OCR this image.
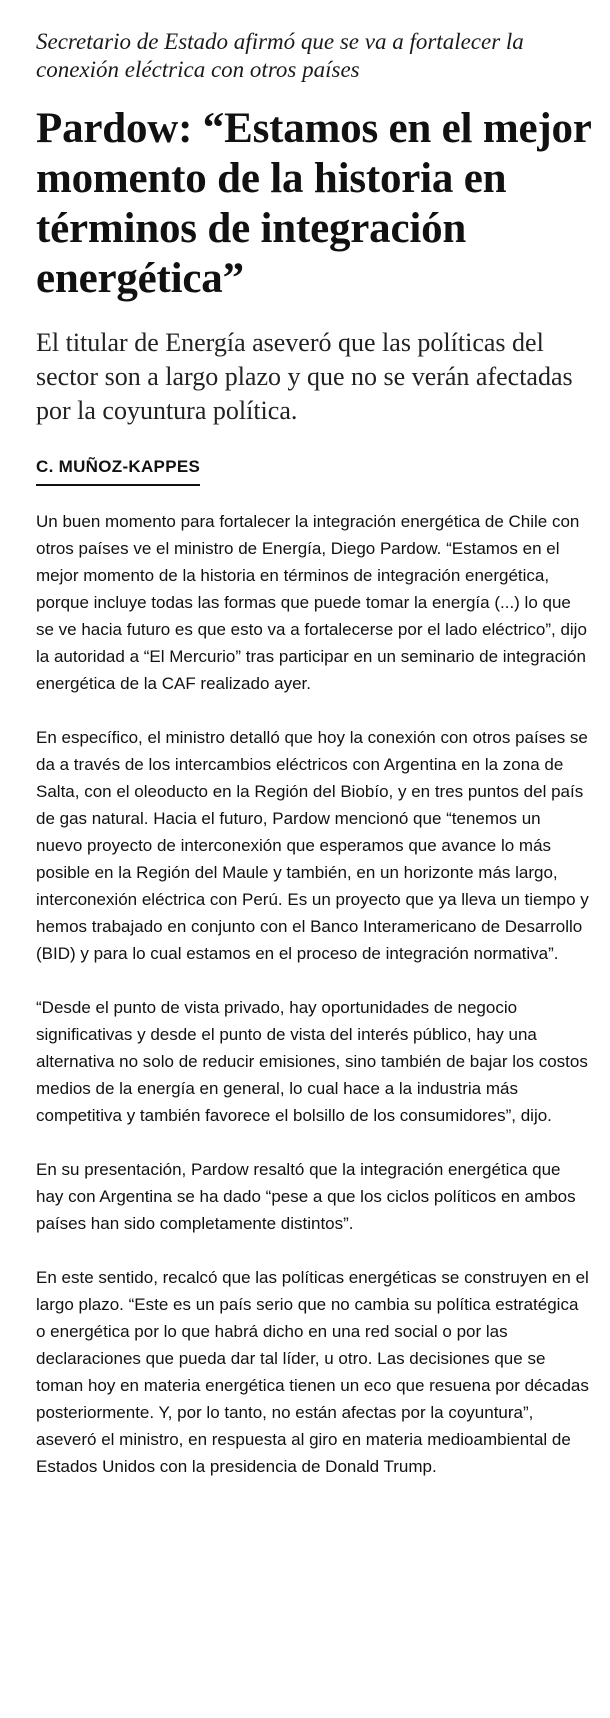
Secretario de Estado afirmó que se va a fortalecer la conexión eléctrica con otros países

Pardow: “Estamos en el mejor momento de la historia en términos de integración energética”

El titular de Energía aseveró que las políticas del sector son a largo plazo y que no se verán afectadas por la coyuntura política.

C. MUÑOZ-KAPPES

Un buen momento para fortalecer la integración energética de Chile con otros países ve el ministro de Energía, Diego Pardow. “Estamos en el mejor momento de la historia en términos de integración energética, porque incluye todas las formas que puede tomar la energía (...) lo que se ve hacia futuro es que esto va a fortalecerse por el lado eléctrico”, dijo la autoridad a “El Mercurio” tras participar en un seminario de integración energética de la CAF realizado ayer.

En específico, el ministro detalló que hoy la conexión con otros países se da a través de los intercambios eléctricos con Argentina en la zona de Salta, con el oleoducto en la Región del Biobío, y en tres puntos del país de gas natural. Hacia el futuro, Pardow mencionó que “tenemos un nuevo proyecto de interconexión que esperamos que avance lo más posible en la Región del Maule y también, en un horizonte más largo, interconexión eléctrica con Perú. Es un proyecto que ya lleva un tiempo y hemos trabajado en conjunto con el Banco Interamericano de Desarrollo (BID) y para lo cual estamos en el proceso de integración normativa”.

“Desde el punto de vista privado, hay oportunidades de negocio significativas y desde el punto de vista del interés público, hay una alternativa no solo de reducir emisiones, sino también de bajar los costos medios de la energía en general, lo cual hace a la industria más competitiva y también favorece el bolsillo de los consumidores”, dijo.

En su presentación, Pardow resaltó que la integración energética que hay con Argentina se ha dado “pese a que los ciclos políticos en ambos países han sido completamente distintos”.

En este sentido, recalcó que las políticas energéticas se construyen en el largo plazo. “Este es un país serio que no cambia su política estratégica o energética por lo que habrá dicho en una red social o por las declaraciones que pueda dar tal líder, u otro. Las decisiones que se toman hoy en materia energética tienen un eco que resuena por décadas posteriormente. Y, por lo tanto, no están afectas por la coyuntura”, aseveró el ministro, en respuesta al giro en materia medioambiental de Estados Unidos con la presidencia de Donald Trump.
